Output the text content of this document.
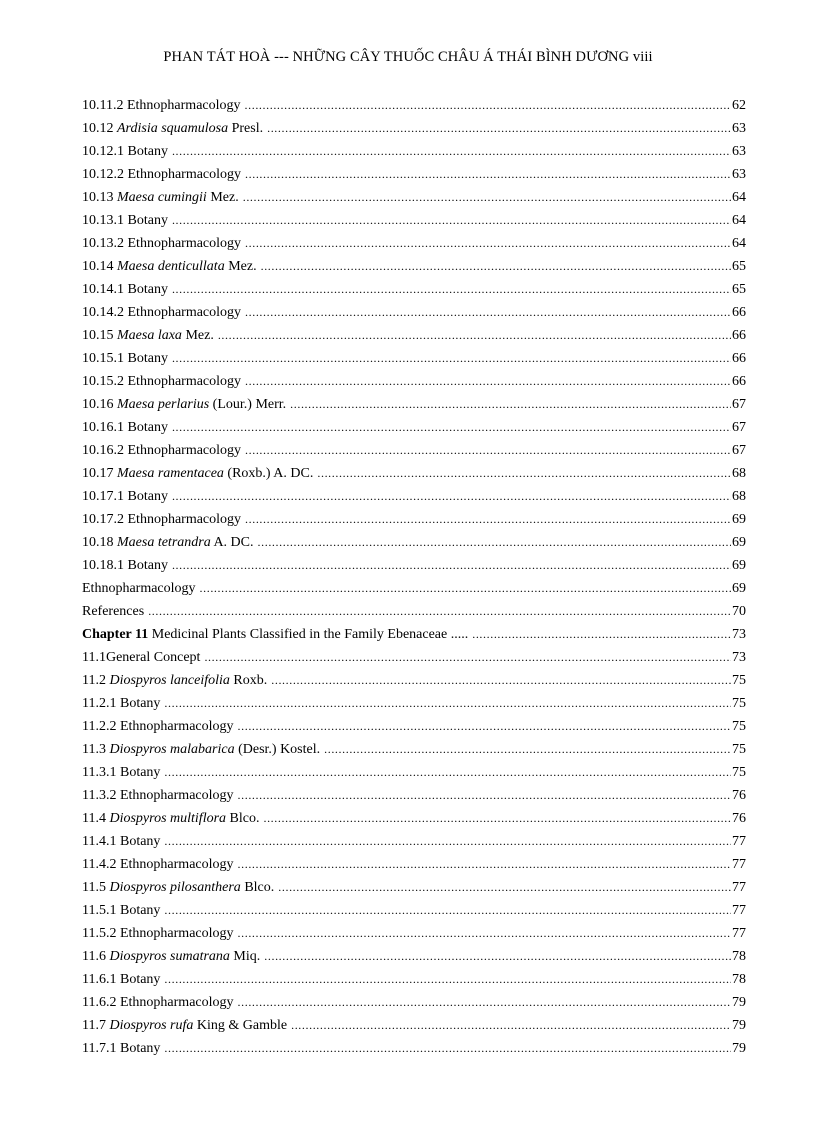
PHAN TÁT HOÀ --- NHỮNG CÂY THUỐC CHÂU Á THÁI BÌNH DƯƠNG viii
10.11.2 Ethnopharmacology .....	62
10.12 Ardisia squamulosa Presl. .....	63
10.12.1 Botany .....	63
10.12.2 Ethnopharmacology .....	63
10.13 Maesa cumingii Mez. .....	64
10.13.1 Botany .....	64
10.13.2 Ethnopharmacology .....	64
10.14 Maesa denticullata Mez. .....	65
10.14.1 Botany .....	65
10.14.2 Ethnopharmacology .....	66
10.15 Maesa laxa Mez. .....	66
10.15.1 Botany .....	66
10.15.2 Ethnopharmacology .....	66
10.16 Maesa perlarius (Lour.) Merr. .....	67
10.16.1 Botany .....	67
10.16.2 Ethnopharmacology .....	67
10.17 Maesa ramentacea (Roxb.) A. DC. .....	68
10.17.1 Botany .....	68
10.17.2 Ethnopharmacology .....	69
10.18 Maesa tetrandra A. DC. .....	69
10.18.1 Botany .....	69
Ethnopharmacology .....	69
References .....	70
Chapter 11 Medicinal Plants Classified in the Family Ebenaceae ..... .....	73
11.1General Concept .....	73
11.2 Diospyros lanceifolia Roxb. .....	75
11.2.1 Botany .....	75
11.2.2 Ethnopharmacology .....	75
11.3 Diospyros malabarica (Desr.) Kostel. .....	75
11.3.1 Botany .....	75
11.3.2 Ethnopharmacology .....	76
11.4 Diospyros multiflora Blco. .....	76
11.4.1 Botany .....	77
11.4.2 Ethnopharmacology .....	77
11.5 Diospyros pilosanthera Blco. .....	77
11.5.1 Botany .....	77
11.5.2 Ethnopharmacology .....	77
11.6 Diospyros sumatrana Miq. .....	78
11.6.1 Botany .....	78
11.6.2 Ethnopharmacology .....	79
11.7 Diospyros rufa King & Gamble .....	79
11.7.1 Botany .....	79
